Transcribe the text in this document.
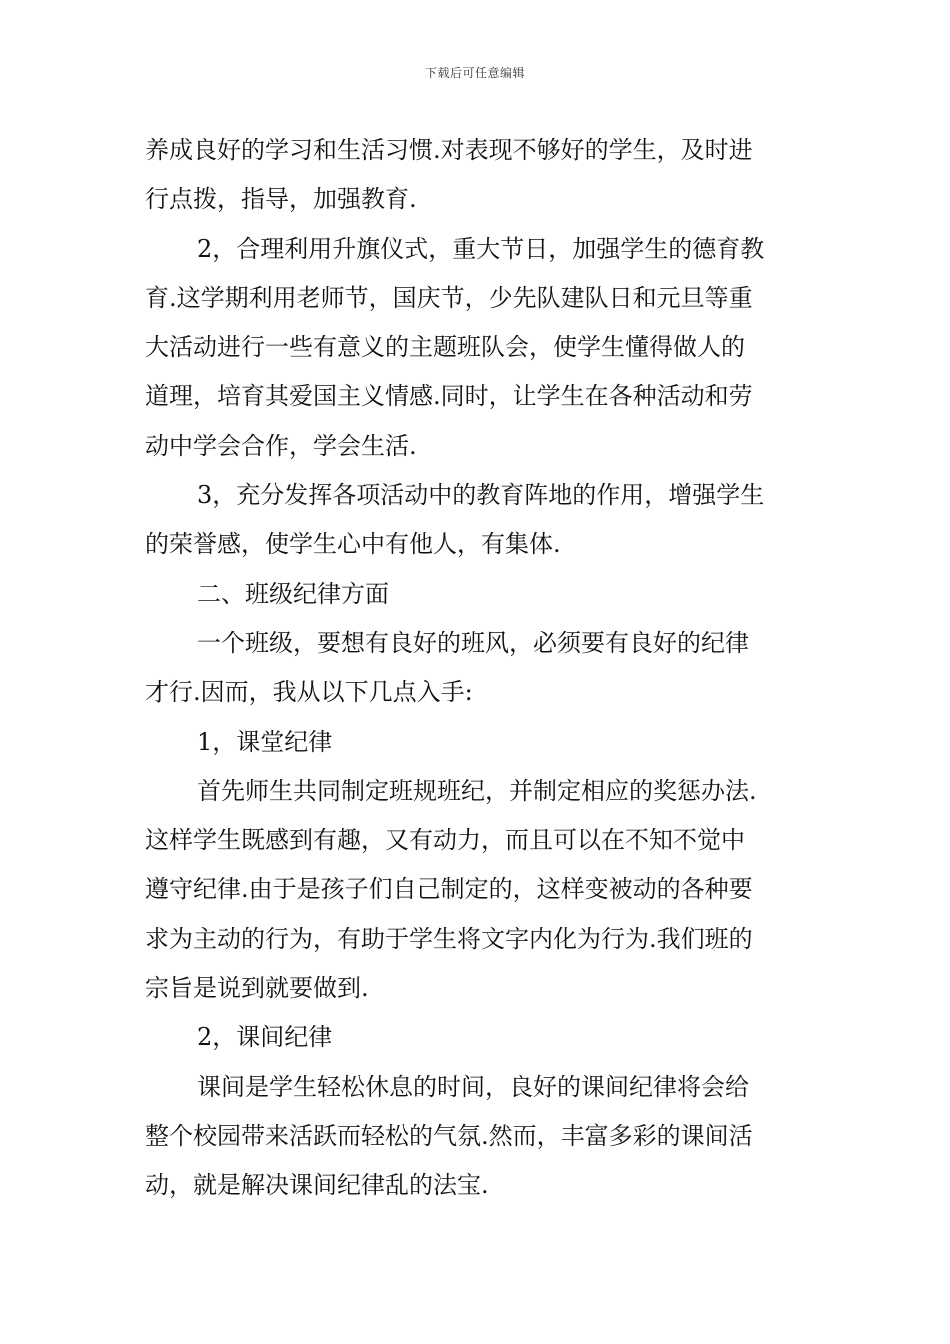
下载后可任意编辑
养成良好的学习和生活习惯.对表现不够好的学生，及时进
行点拨，指导，加强教育.
2，合理利用升旗仪式，重大节日，加强学生的德育教
育.这学期利用老师节，国庆节，少先队建队日和元旦等重
大活动进行一些有意义的主题班队会，使学生懂得做人的
道理，培育其爱国主义情感.同时，让学生在各种活动和劳
动中学会合作，学会生活.
3，充分发挥各项活动中的教育阵地的作用，增强学生
的荣誉感，使学生心中有他人，有集体.
二、班级纪律方面
一个班级，要想有良好的班风，必须要有良好的纪律
才行.因而，我从以下几点入手:
1，课堂纪律
首先师生共同制定班规班纪，并制定相应的奖惩办法.
这样学生既感到有趣，又有动力，而且可以在不知不觉中
遵守纪律.由于是孩子们自己制定的，这样变被动的各种要
求为主动的行为，有助于学生将文字内化为行为.我们班的
宗旨是说到就要做到.
2，课间纪律
课间是学生轻松休息的时间，良好的课间纪律将会给
整个校园带来活跃而轻松的气氛.然而，丰富多彩的课间活
动，就是解决课间纪律乱的法宝.
